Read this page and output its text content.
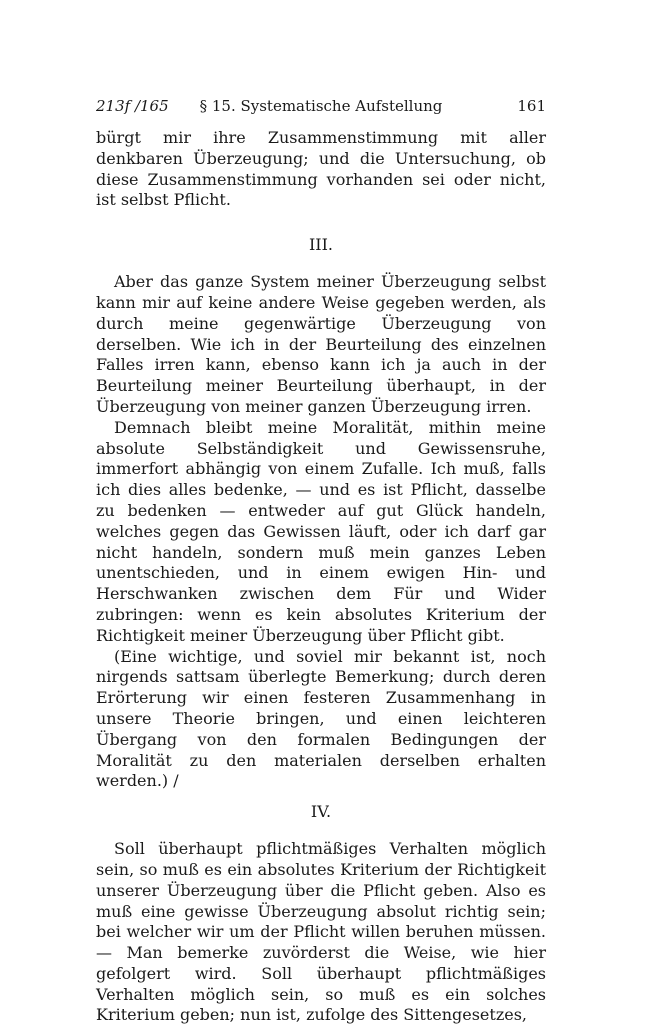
213f /165	§ 15. Systematische Aufstellung	161

bürgt mir ihre Zusammenstimmung mit aller denkbaren Überzeugung; und die Untersuchung, ob diese Zusammenstimmung vorhanden sei oder nicht, ist selbst Pflicht.

III.

Aber das ganze System meiner Überzeugung selbst kann mir auf keine andere Weise gegeben werden, als durch meine gegenwärtige Überzeugung von derselben. Wie ich in der Beurteilung des einzelnen Falles irren kann, ebenso kann ich ja auch in der Beurteilung meiner Beurteilung überhaupt, in der Überzeugung von meiner ganzen Überzeugung irren.

Demnach bleibt meine Moralität, mithin meine absolute Selbständigkeit und Gewissensruhe, immerfort abhängig von einem Zufalle. Ich muß, falls ich dies alles bedenke, — und es ist Pflicht, dasselbe zu bedenken — entweder auf gut Glück handeln, welches gegen das Gewissen läuft, oder ich darf gar nicht handeln, sondern muß mein ganzes Leben unentschieden, und in einem ewigen Hin- und Herschwanken zwischen dem Für und Wider zubringen: wenn es kein absolutes Kriterium der Richtigkeit meiner Überzeugung über Pflicht gibt.

(Eine wichtige, und soviel mir bekannt ist, noch nirgends sattsam überlegte Bemerkung; durch deren Erörterung wir einen festeren Zusammenhang in unsere Theorie bringen, und einen leichteren Übergang von den formalen Bedingungen der Moralität zu den materialen derselben erhalten werden.) /

IV.

Soll überhaupt pflichtmäßiges Verhalten möglich sein, so muß es ein absolutes Kriterium der Richtigkeit unserer Überzeugung über die Pflicht geben. Also es muß eine gewisse Überzeugung absolut richtig sein; bei welcher wir um der Pflicht willen beruhen müssen. — Man bemerke zuvörderst die Weise, wie hier gefolgert wird. Soll überhaupt pflichtmäßiges Verhalten möglich sein, so muß es ein solches Kriterium geben; nun ist, zufolge des Sittengesetzes,
